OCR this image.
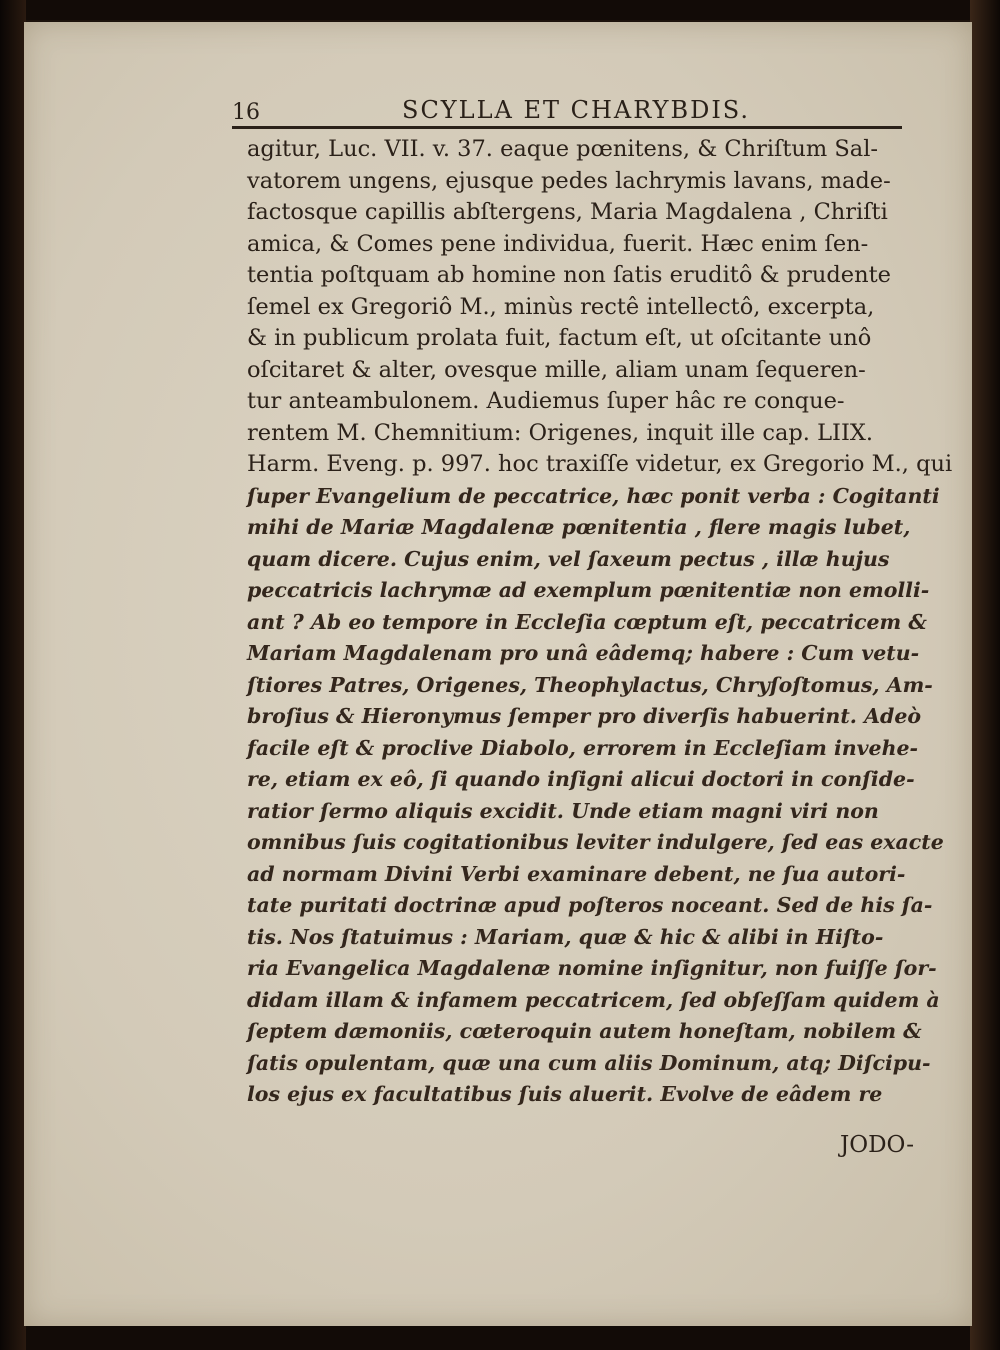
16	SCYLLA ET CHARYBDIS.
agitur, Luc. VII. v. 37. eaque pœnitens, & Chriſtum Sal-
vatorem ungens, ejusque pedes lachrymis lavans, made-
factosque capillis abſtergens, Maria Magdalena , Chriſti
amica, & Comes pene individua, fuerit. Hæc enim ſen-
tentia poſtquam ab homine non ſatis eruditô & prudente
ſemel ex Gregoriô M., minùs rectê intellectô, excerpta,
& in publicum prolata fuit, factum eſt, ut oſcitante unô
oſcitaret & alter, ovesque mille, aliam unam ſequeren-
tur anteambulonem. Audiemus ſuper hâc re conque-
rentem M. Chemnitium: Origenes, inquit ille cap. LIIX.
Harm. Eveng. p. 997. hoc traxiſſe videtur, ex Gregorio M., qui
ſuper Evangelium de peccatrice, hæc ponit verba : Cogitanti
mihi de Mariæ Magdalenæ pœnitentia , flere magis lubet,
quam dicere. Cujus enim, vel ſaxeum pectus , illæ hujus
peccatricis lachrymæ ad exemplum pœnitentiæ non emolli-
ant ? Ab eo tempore in Eccleſia cœptum eſt, peccatricem &
Mariam Magdalenam pro unâ eâdemq; habere : Cum vetu-
ſtiores Patres, Origenes, Theophylactus, Chryſoſtomus, Am-
broſius & Hieronymus ſemper pro diverſis habuerint. Adeò
facile eſt & proclive Diabolo, errorem in Eccleſiam invehe-
re, etiam ex eô, ſi quando inſigni alicui doctori in conſide-
ratior ſermo aliquis excidit. Unde etiam magni viri non
omnibus ſuis cogitationibus leviter indulgere, ſed eas exacte
ad normam Divini Verbi examinare debent, ne ſua autori-
tate puritati doctrinæ apud poſteros noceant. Sed de his ſa-
tis. Nos ſtatuimus : Mariam, quæ & hic & alibi in Hiſto-
ria Evangelica Magdalenæ nomine inſignitur, non fuiſſe ſor-
didam illam & infamem peccatricem, ſed obſeſſam quidem à
ſeptem dæmoniis, cœteroquin autem honeſtam, nobilem &
ſatis opulentam, quæ una cum aliis Dominum, atq; Diſcipu-
los ejus ex facultatibus ſuis aluerit. Evolve de eâdem re
JODO-
